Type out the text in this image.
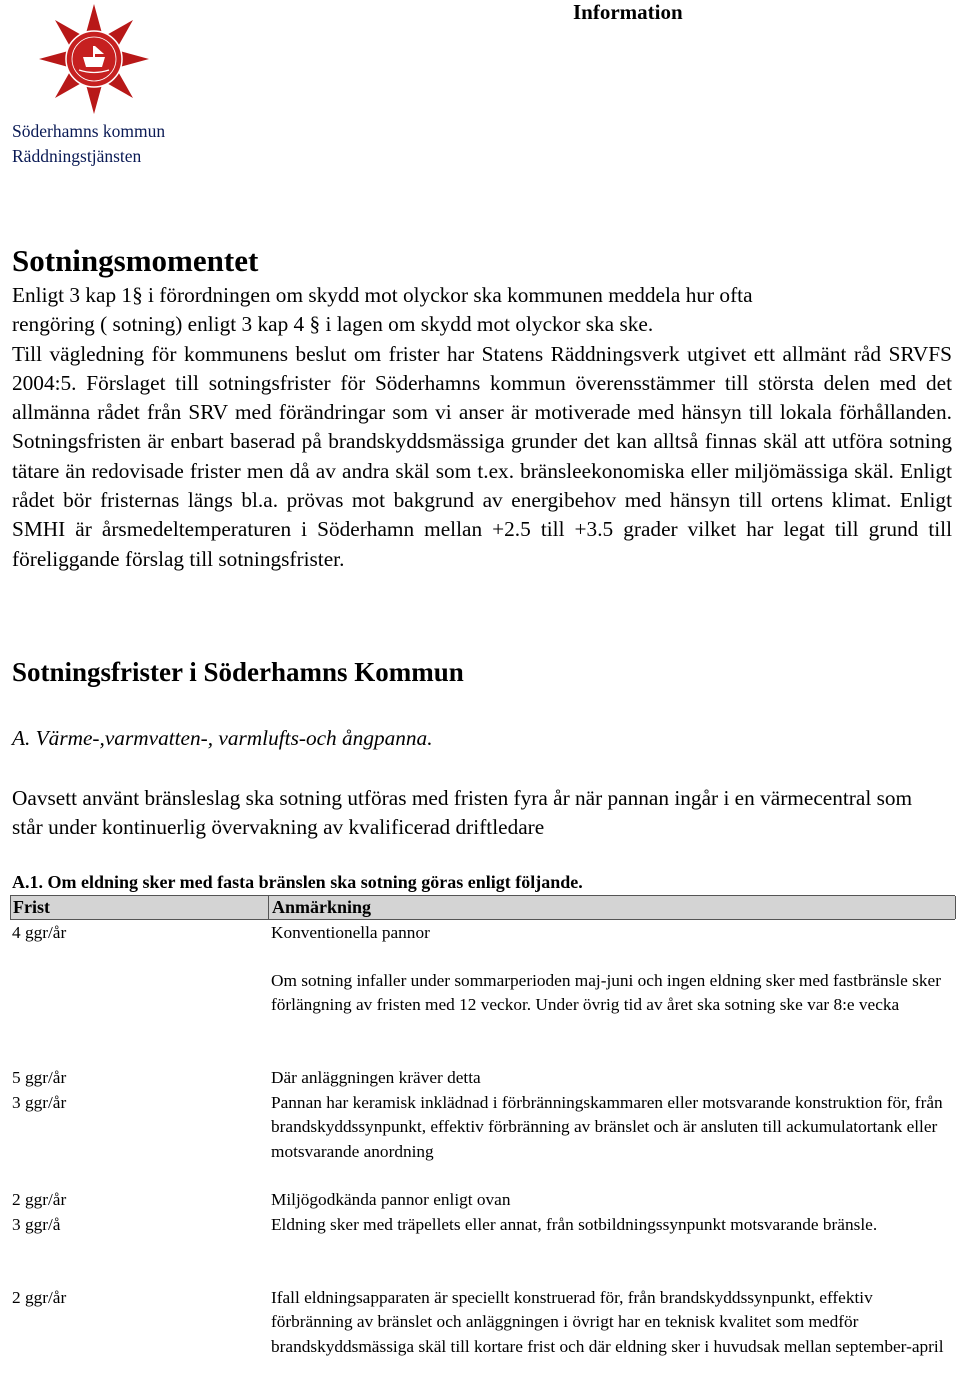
Information
Söderhamns kommun
Räddningstjänsten
Sotningsmomentet

Enligt 3 kap 1§ i förordningen om skydd mot olyckor ska kommunen meddela hur ofta

rengöring ( sotning) enligt 3 kap 4 § i lagen om skydd mot olyckor ska ske.

Till vägledning för kommunens beslut om frister har Statens Räddningsverk utgivet ett allmänt råd SRVFS 2004:5. Förslaget till sotningsfrister för Söderhamns kommun överensstämmer till största delen med det allmänna rådet från SRV med förändringar som vi anser är motiverade med hänsyn till lokala förhållanden. Sotningsfristen är enbart baserad på brandskyddsmässiga grunder det kan alltså finnas skäl att utföra sotning tätare än redovisade frister men då av andra skäl som t.ex. bränsleekonomiska eller miljömässiga skäl. Enligt rådet bör fristernas längs bl.a. prövas mot bakgrund av energibehov med hänsyn till ortens klimat. Enligt SMHI är årsmedeltemperaturen i Söderhamn mellan +2.5 till +3.5 grader vilket har legat till grund till föreliggande förslag till sotningsfrister.

Sotningsfrister i Söderhamns Kommun
A. Värme-,varmvatten-, varmlufts-och ångpanna.
Oavsett använt bränsleslag ska sotning utföras med fristen fyra år när pannan ingår i en värmecentral som står under kontinuerlig övervakning av kvalificerad driftledare
A.1. Om eldning sker med fasta bränslen ska sotning göras enligt följande.
Frist	Anmärkning
4 ggr/år	Konventionella pannor
Om sotning infaller under sommarperioden maj-juni och ingen eldning sker med fastbränsle sker förlängning av fristen med 12 veckor. Under övrig tid av året ska sotning ske var 8:e vecka
5 ggr/år	Där anläggningen kräver detta
3 ggr/år	Pannan har keramisk inklädnad i förbränningskammaren eller motsvarande konstruktion för, från brandskyddssynpunkt, effektiv förbränning av bränslet och är ansluten till ackumulatortank eller motsvarande anordning
2 ggr/år	Miljögodkända pannor enligt ovan
3 ggr/å	Eldning sker med träpellets eller annat, från sotbildningssynpunkt motsvarande bränsle.
2 ggr/år	Ifall eldningsapparaten är speciellt konstruerad för, från brandskyddssynpunkt, effektiv förbränning av bränslet och anläggningen i övrigt har en teknisk kvalitet som medför brandskyddsmässiga skäl till kortare frist och där eldning sker i huvudsak mellan september-april
